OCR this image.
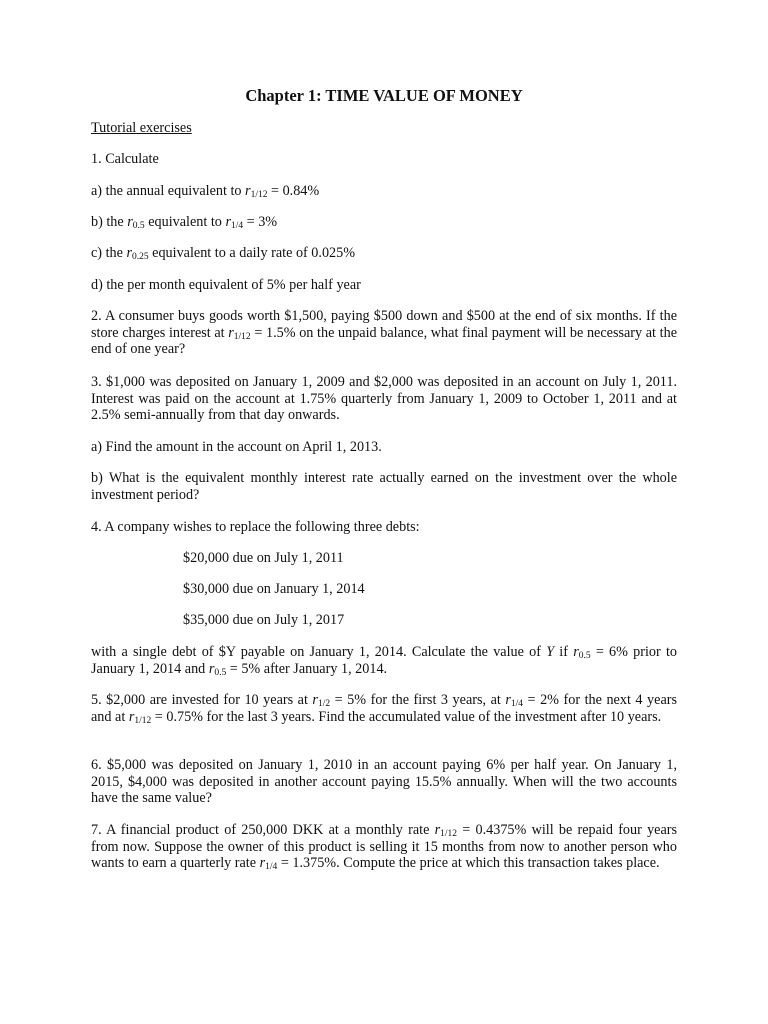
Chapter 1: TIME VALUE OF MONEY
Tutorial exercises
1. Calculate
a) the annual equivalent to $r_{1/12} = 0.84\%$
b) the $r_{0.5}$ equivalent to $r_{1/4} = 3\%$
c) the $r_{0.25}$ equivalent to a daily rate of 0.025%
d) the per month equivalent of 5% per half year
2. A consumer buys goods worth $1,500, paying $500 down and $500 at the end of six months. If the store charges interest at $r_{1/12} = 1.5\%$ on the unpaid balance, what final payment will be necessary at the end of one year?
3. $1,000 was deposited on January 1, 2009 and $2,000 was deposited in an account on July 1, 2011. Interest was paid on the account at 1.75% quarterly from January 1, 2009 to October 1, 2011 and at 2.5% semi-annually from that day onwards.
a) Find the amount in the account on April 1, 2013.
b) What is the equivalent monthly interest rate actually earned on the investment over the whole investment period?
4. A company wishes to replace the following three debts:
$20,000 due on July 1, 2011
$30,000 due on January 1, 2014
$35,000 due on July 1, 2017
with a single debt of $Y payable on January 1, 2014. Calculate the value of Y if $r_{0.5} = 6\%$ prior to January 1, 2014 and $r_{0.5} = 5\%$ after January 1, 2014.
5. $2,000 are invested for 10 years at $r_{1/2} = 5\%$ for the first 3 years, at $r_{1/4} = 2\%$ for the next 4 years and at $r_{1/12} = 0.75\%$ for the last 3 years. Find the accumulated value of the investment after 10 years.
6. $5,000 was deposited on January 1, 2010 in an account paying 6% per half year. On January 1, 2015, $4,000 was deposited in another account paying 15.5% annually. When will the two accounts have the same value?
7. A financial product of 250,000 DKK at a monthly rate $r_{1/12} = 0.4375\%$ will be repaid four years from now. Suppose the owner of this product is selling it 15 months from now to another person who wants to earn a quarterly rate $r_{1/4} = 1.375\%$. Compute the price at which this transaction takes place.
